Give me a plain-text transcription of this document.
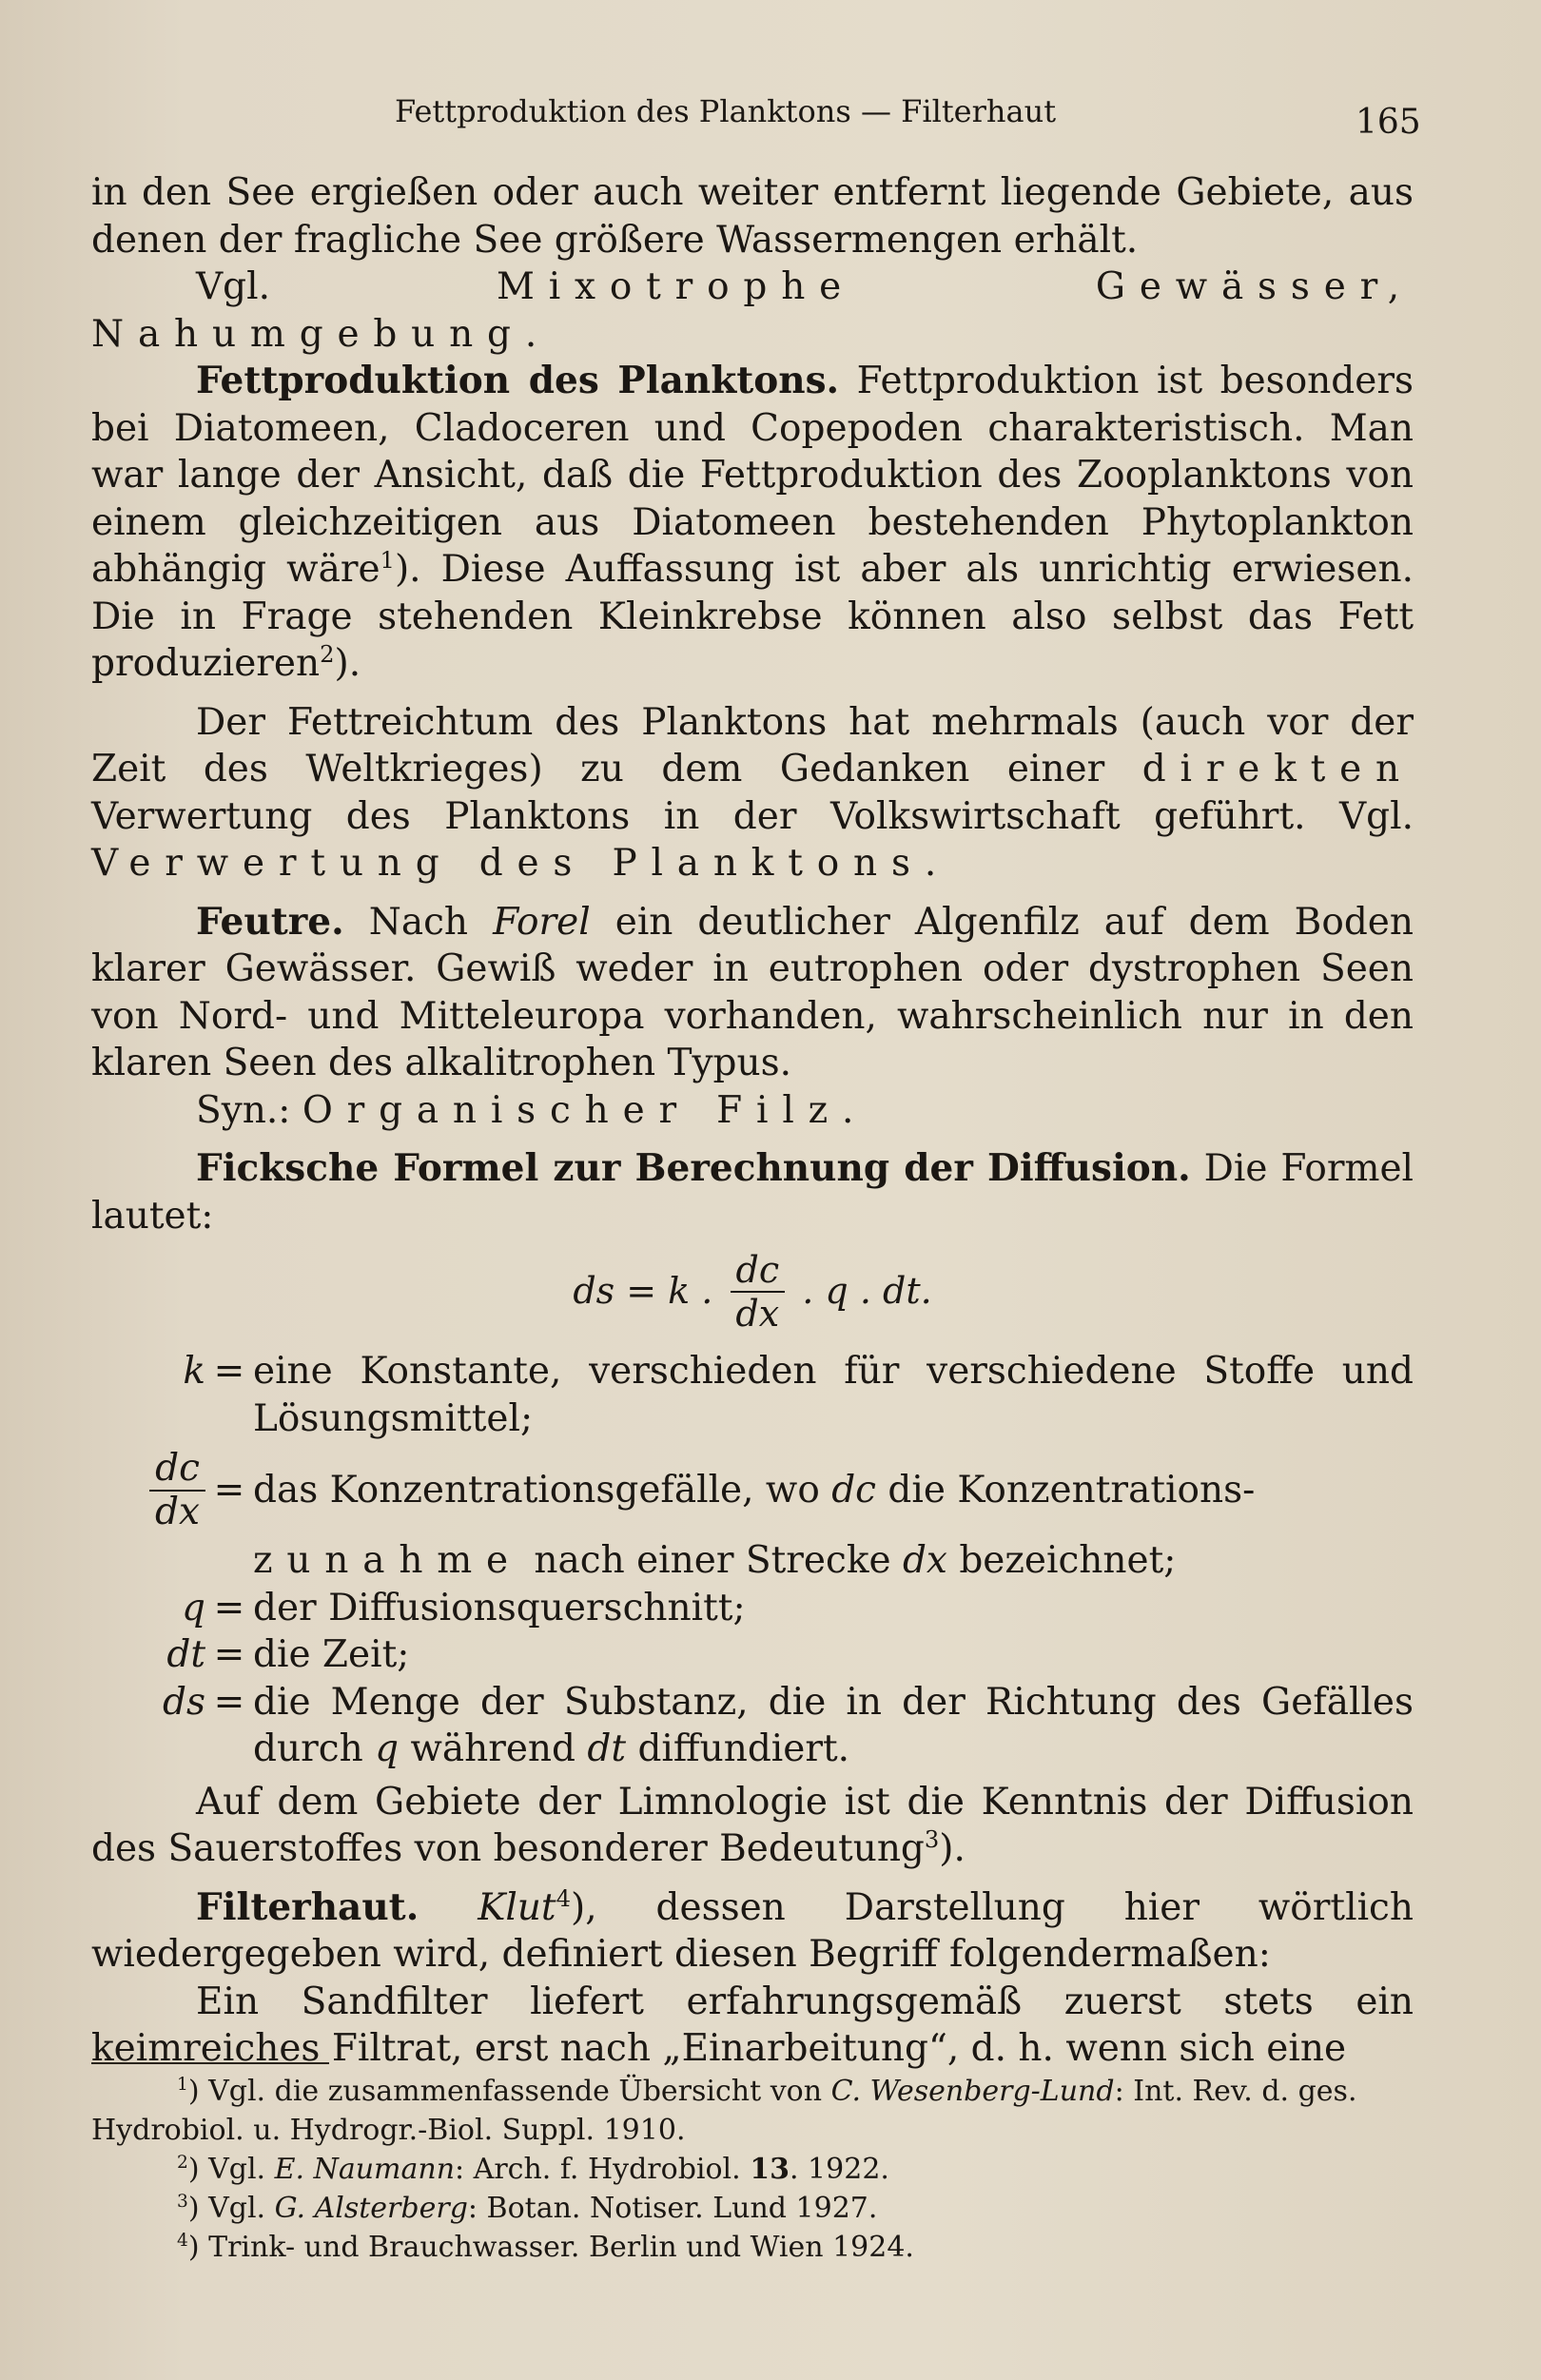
Fettproduktion des Planktons — Filterhaut	165

in den See ergießen oder auch weiter entfernt liegende Gebiete, aus denen der fragliche See größere Wassermengen erhält.

Vgl. Mixotrophe Gewässer, Nahumgebung.

Fettproduktion des Planktons. Fettproduktion ist besonders bei Diatomeen, Cladoceren und Copepoden charakteristisch. Man war lange der Ansicht, daß die Fettproduktion des Zooplanktons von einem gleichzeitigen aus Diatomeen bestehenden Phytoplankton abhängig wäre$^1$). Diese Auffassung ist aber als unrichtig erwiesen. Die in Frage stehenden Kleinkrebse können also selbst das Fett produzieren$^2$).

Der Fettreichtum des Planktons hat mehrmals (auch vor der Zeit des Weltkrieges) zu dem Gedanken einer direkten Verwertung des Planktons in der Volkswirtschaft geführt. Vgl. Verwertung des Planktons.

Feutre. Nach Forel ein deutlicher Algenfilz auf dem Boden klarer Gewässer. Gewiß weder in eutrophen oder dystrophen Seen von Nord- und Mitteleuropa vorhanden, wahrscheinlich nur in den klaren Seen des alkalitrophen Typus.

Syn.: Organischer Filz.

Ficksche Formel zur Berechnung der Diffusion. Die Formel lautet:

ds = k . $\frac{dc}{dx}$ . q . dt.
k = eine Konstante, verschieden für verschiedene Stoffe und Lösungsmittel;
$\frac{dc}{dx}$ = das Konzentrationsgefälle, wo dc die Konzentrations-
zunahme nach einer Strecke dx bezeichnet;
q = der Diffusionsquerschnitt;
dt = die Zeit;
ds = die Menge der Substanz, die in der Richtung des Gefälles durch q während dt diffundiert.

Auf dem Gebiete der Limnologie ist die Kenntnis der Diffusion des Sauerstoffes von besonderer Bedeutung$^3$).

Filterhaut. Klut$^4$), dessen Darstellung hier wörtlich wiedergegeben wird, definiert diesen Begriff folgendermaßen:

Ein Sandfilter liefert erfahrungsgemäß zuerst stets ein keimreiches Filtrat, erst nach „Einarbeitung“, d. h. wenn sich eine

$^1$) Vgl. die zusammenfassende Übersicht von C. Wesenberg-Lund: Int. Rev. d. ges. Hydrobiol. u. Hydrogr.-Biol. Suppl. 1910.

$^2$) Vgl. E. Naumann: Arch. f. Hydrobiol. 13. 1922.

$^3$) Vgl. G. Alsterberg: Botan. Notiser. Lund 1927.

$^4$) Trink- und Brauchwasser. Berlin und Wien 1924.
